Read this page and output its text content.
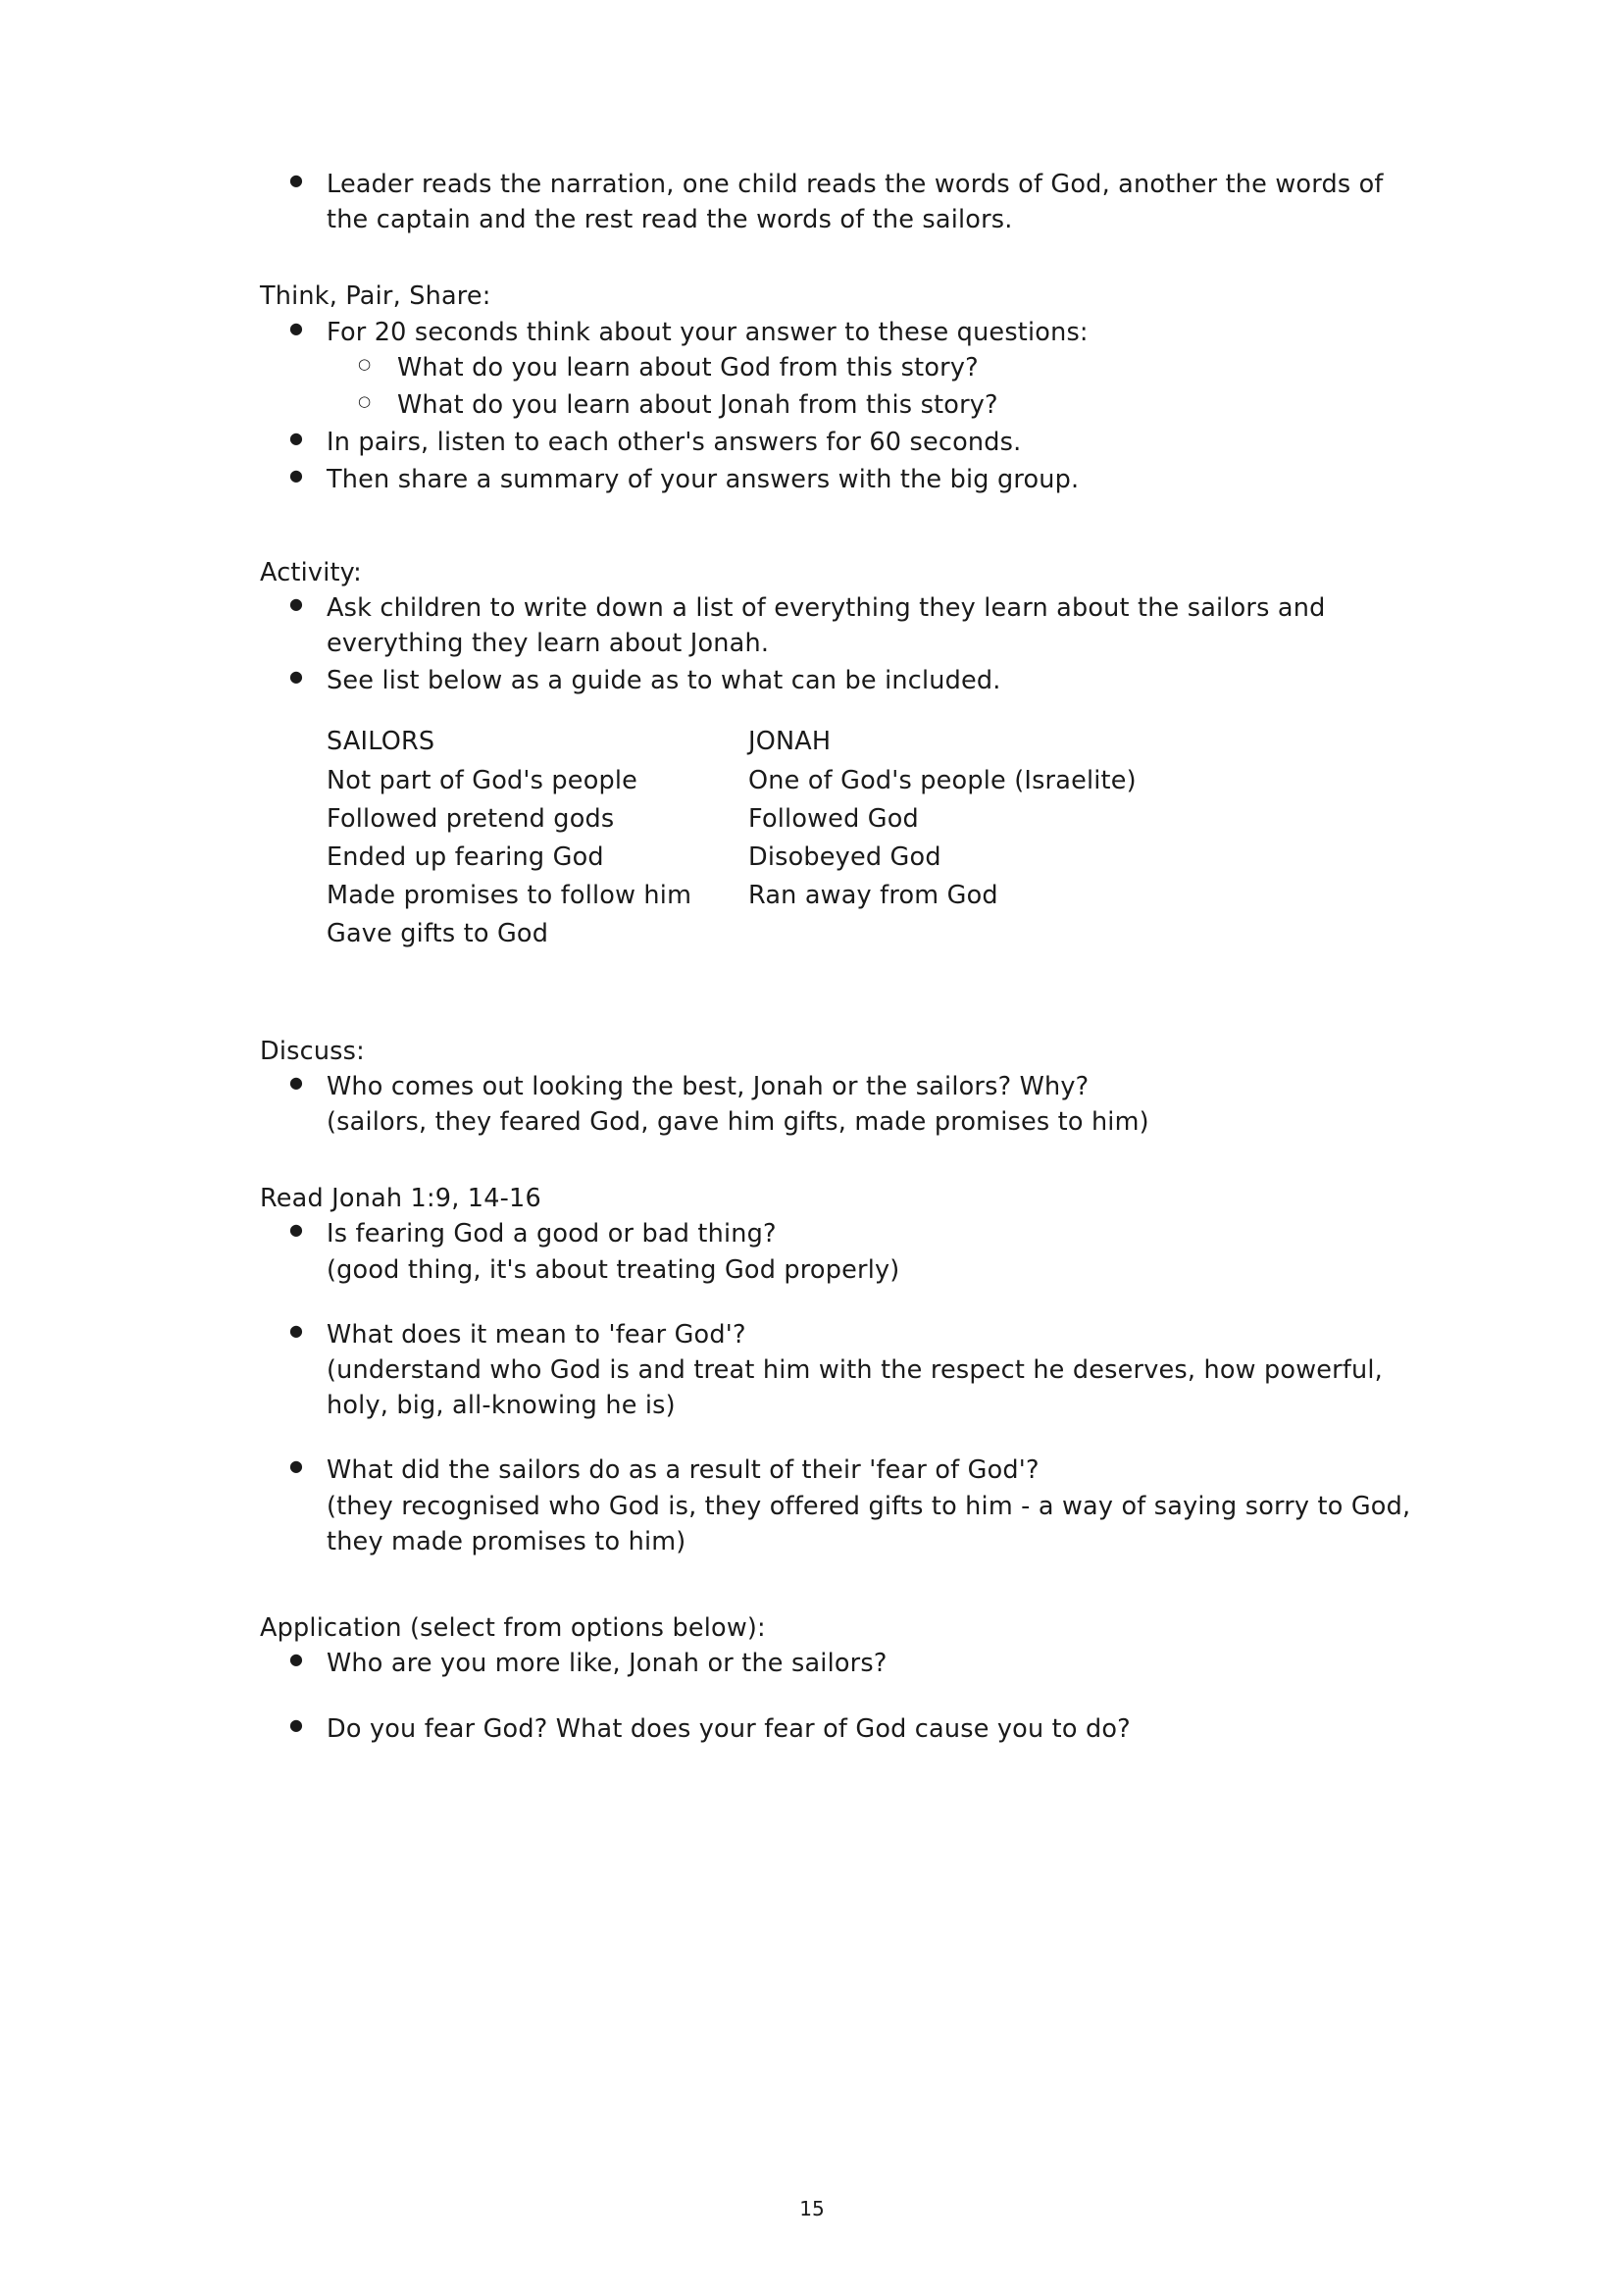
● Leader reads the narration, one child reads the words of God, another the words of the captain and the rest read the words of the sailors.

Think, Pair, Share:

● For 20 seconds think about your answer to these questions:
○ What do you learn about God from this story?
○ What do you learn about Jonah from this story?
● In pairs, listen to each other's answers for 60 seconds.
● Then share a summary of your answers with the big group.

Activity:

● Ask children to write down a list of everything they learn about the sailors and everything they learn about Jonah.
● See list below as a guide as to what can be included.
SAILORS
Not part of God's people
Followed pretend gods
Ended up fearing God
Made promises to follow him
Gave gifts to God
JONAH
One of God's people (Israelite)
Followed God
Disobeyed God
Ran away from God

Discuss:

● Who comes out looking the best, Jonah or the sailors? Why?
(sailors, they feared God, gave him gifts, made promises to him)

Read Jonah 1:9, 14-16

● Is fearing God a good or bad thing?
(good thing, it's about treating God properly)
● What does it mean to 'fear God'?
(understand who God is and treat him with the respect he deserves, how powerful, holy, big, all-knowing he is)
● What did the sailors do as a result of their 'fear of God'?
(they recognised who God is, they offered gifts to him - a way of saying sorry to God, they made promises to him)

Application (select from options below):

● Who are you more like, Jonah or the sailors?
● Do you fear God? What does your fear of God cause you to do?
15
